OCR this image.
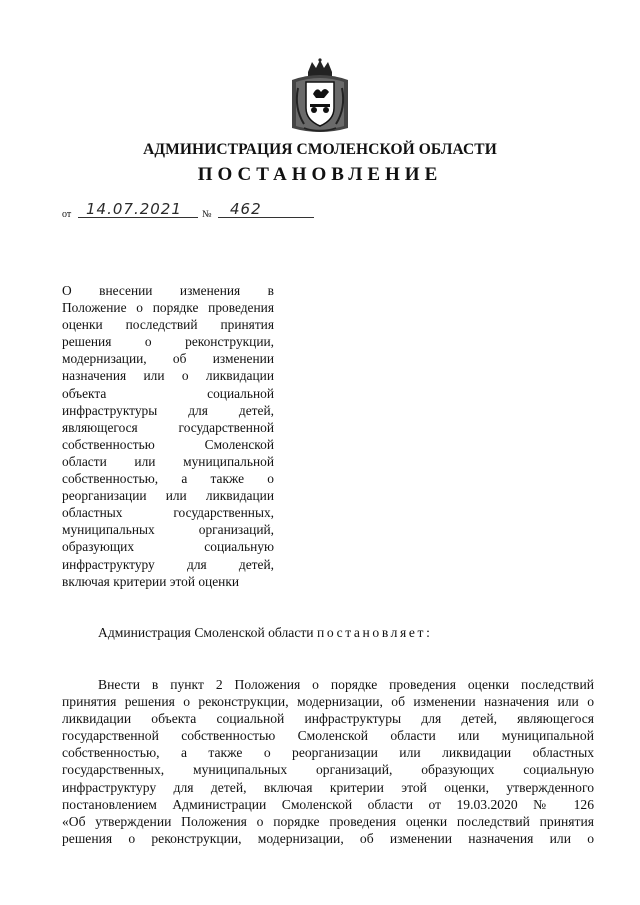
АДМИНИСТРАЦИЯ СМОЛЕНСКОЙ ОБЛАСТИ
ПОСТАНОВЛЕНИЕ
от 14.07.2021 № 462
О внесении изменения в
Положение о порядке проведения
оценки последствий принятия
решения о реконструкции,
модернизации, об изменении
назначения или о ликвидации
объекта социальной
инфраструктуры для детей,
являющегося государственной
собственностью Смоленской
области или муниципальной
собственностью, а также о
реорганизации или ликвидации
областных государственных,
муниципальных организаций,
образующих социальную
инфраструктуру для детей,
включая критерии этой оценки
Администрация Смоленской области постановляет:
Внести в пункт 2 Положения о порядке проведения оценки последствий
принятия решения о реконструкции, модернизации, об изменении назначения или о
ликвидации объекта социальной инфраструктуры для детей, являющегося
государственной собственностью Смоленской области или муниципальной
собственностью, а также о реорганизации или ликвидации областных
государственных, муниципальных организаций, образующих социальную
инфраструктуру для детей, включая критерии этой оценки, утвержденного
постановлением Администрации Смоленской области от 19.03.2020 № 126
«Об утверждении Положения о порядке проведения оценки последствий принятия
решения о реконструкции, модернизации, об изменении назначения или о
